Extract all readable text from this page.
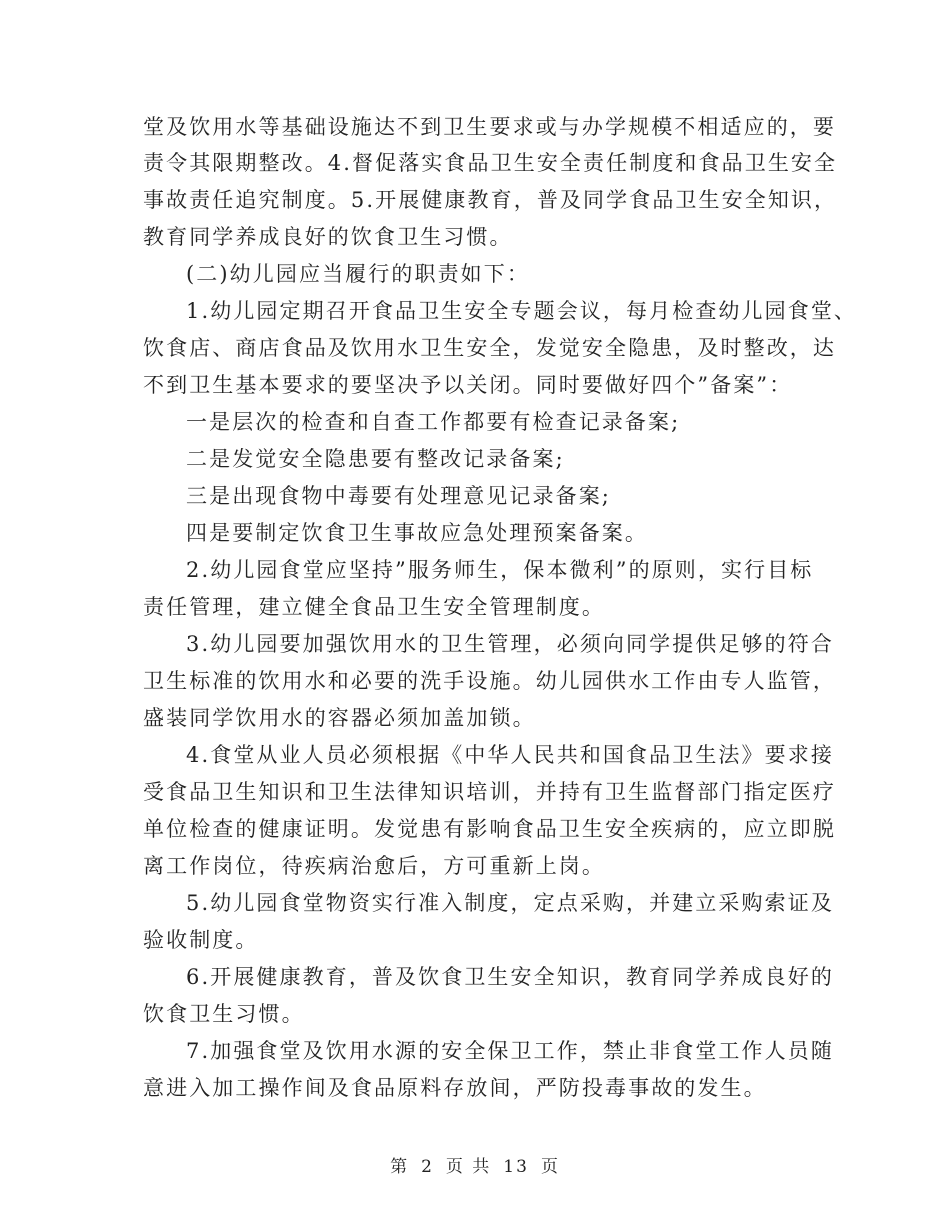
堂及饮用水等基础设施达不到卫生要求或与办学规模不相适应的，要
责令其限期整改。4.督促落实食品卫生安全责任制度和食品卫生安全
事故责任追究制度。5.开展健康教育，普及同学食品卫生安全知识，
教育同学养成良好的饮食卫生习惯。
(二)幼儿园应当履行的职责如下：
1.幼儿园定期召开食品卫生安全专题会议，每月检查幼儿园食堂、
饮食店、商店食品及饮用水卫生安全，发觉安全隐患，及时整改，达
不到卫生基本要求的要坚决予以关闭。同时要做好四个”备案”：
一是层次的检查和自查工作都要有检查记录备案;
二是发觉安全隐患要有整改记录备案;
三是出现食物中毒要有处理意见记录备案;
四是要制定饮食卫生事故应急处理预案备案。
2.幼儿园食堂应坚持”服务师生，保本微利”的原则，实行目标
责任管理，建立健全食品卫生安全管理制度。
3.幼儿园要加强饮用水的卫生管理，必须向同学提供足够的符合
卫生标准的饮用水和必要的洗手设施。幼儿园供水工作由专人监管，
盛装同学饮用水的容器必须加盖加锁。
4.食堂从业人员必须根据《中华人民共和国食品卫生法》要求接
受食品卫生知识和卫生法律知识培训，并持有卫生监督部门指定医疗
单位检查的健康证明。发觉患有影响食品卫生安全疾病的，应立即脱
离工作岗位，待疾病治愈后，方可重新上岗。
5.幼儿园食堂物资实行准入制度，定点采购，并建立采购索证及
验收制度。
6.开展健康教育，普及饮食卫生安全知识，教育同学养成良好的
饮食卫生习惯。
7.加强食堂及饮用水源的安全保卫工作，禁止非食堂工作人员随
意进入加工操作间及食品原料存放间，严防投毒事故的发生。
第 2 页 共 13 页
